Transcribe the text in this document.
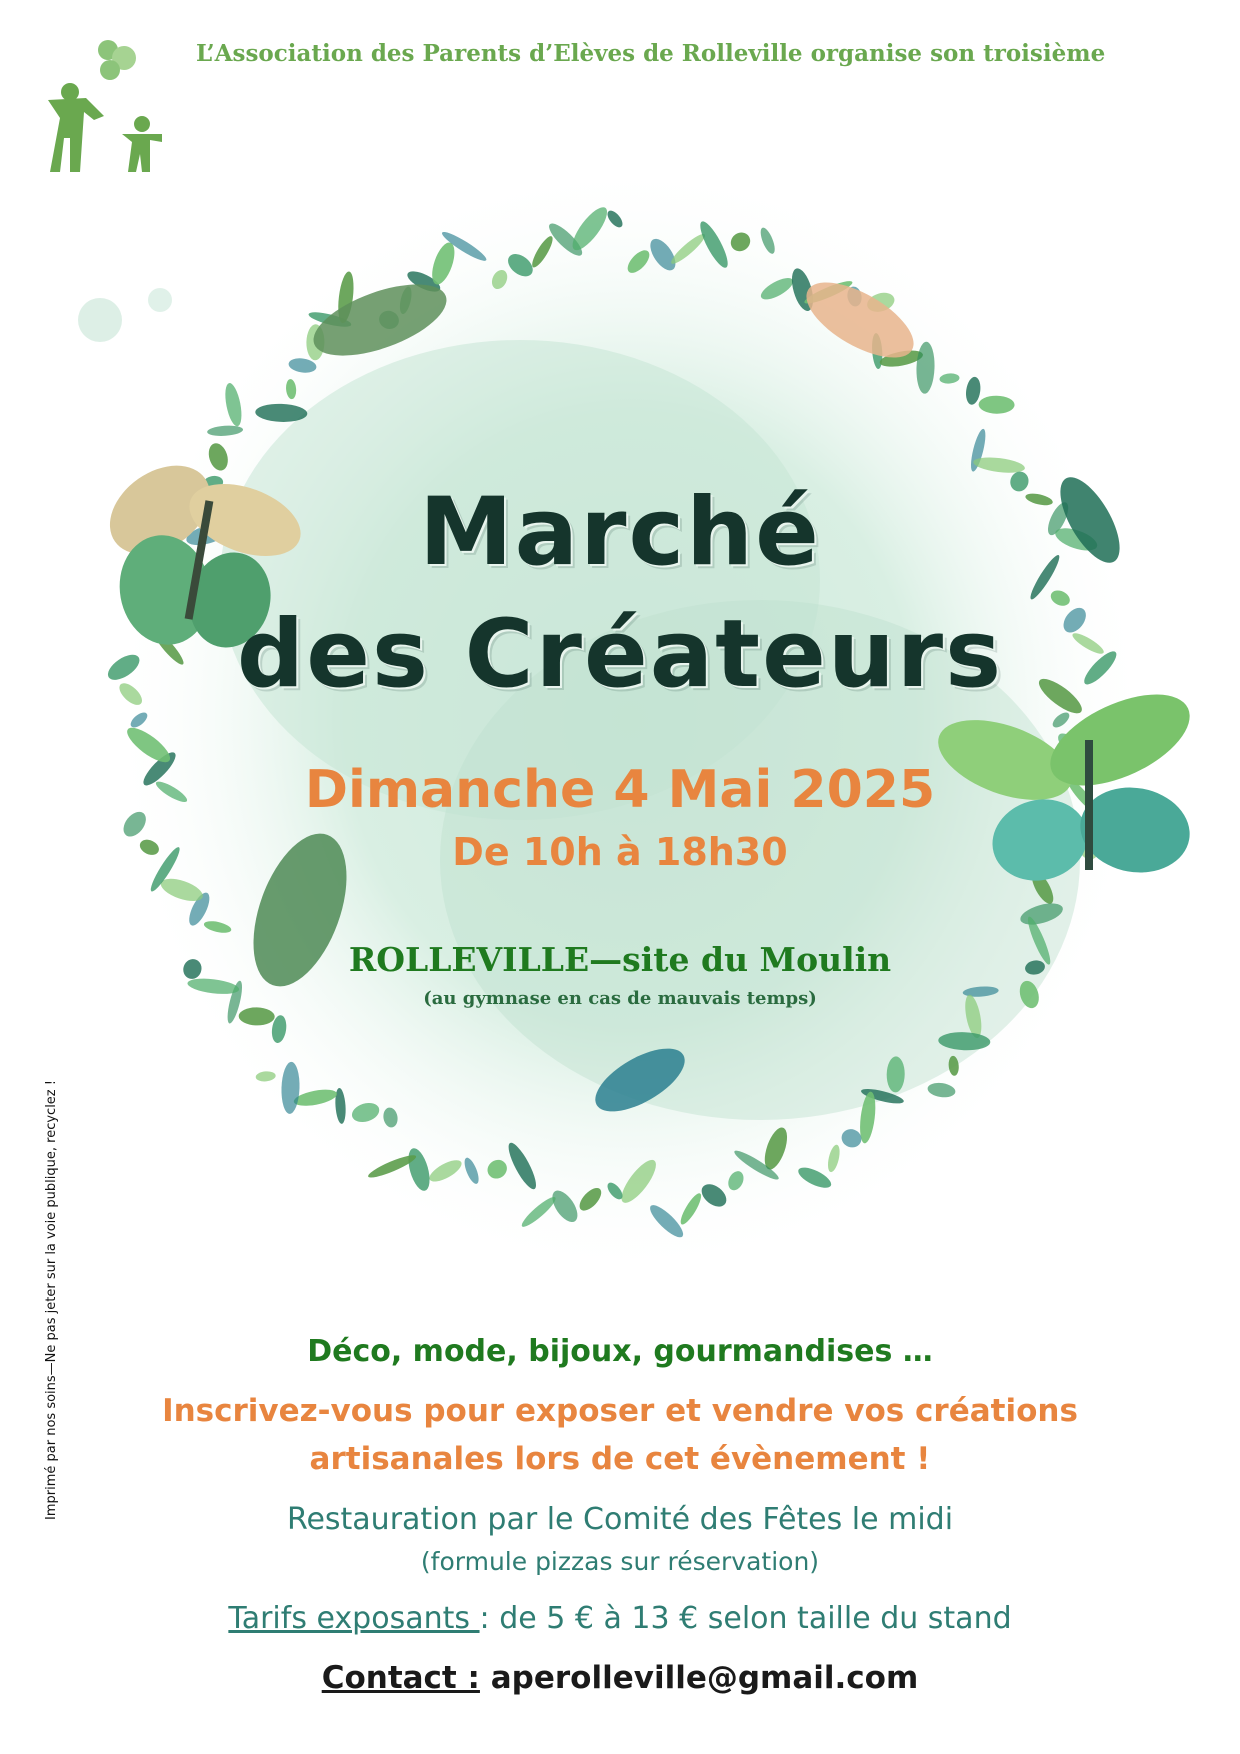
APEROLLEVILLE
L’Association des Parents d’Elèves de Rolleville organise son troisième
Marché
des Créateurs
Dimanche 4 Mai 2025
De 10h à 18h30
ROLLEVILLE—site du Moulin
(au gymnase en cas de mauvais temps)
Déco, mode, bijoux, gourmandises …
Inscrivez-vous pour exposer et vendre vos créations
artisanales lors de cet évènement !
Restauration par le Comité des Fêtes le midi
(formule pizzas sur réservation)
Tarifs exposants : de 5 € à 13 € selon taille du stand
Contact : aperolleville@gmail.com
Imprimé par nos soins—Ne pas jeter sur la voie publique, recyclez !
